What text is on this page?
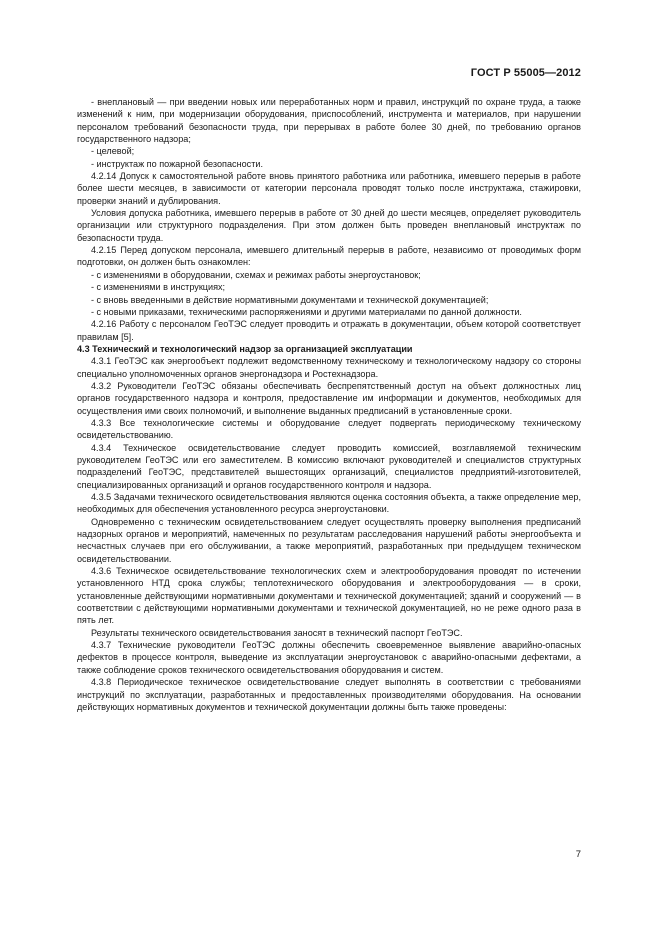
ГОСТ Р 55005—2012

- внеплановый — при введении новых или переработанных норм и правил, инструкций по охране труда, а также изменений к ним, при модернизации оборудования, приспособлений, инструмента и материалов, при нарушении персоналом требований безопасности труда, при перерывах в работе более 30 дней, по требованию органов государственного надзора;

- целевой;

- инструктаж по пожарной безопасности.

4.2.14 Допуск к самостоятельной работе вновь принятого работника или работника, имевшего перерыв в работе более шести месяцев, в зависимости от категории персонала проводят только после инструктажа, стажировки, проверки знаний и дублирования.

Условия допуска работника, имевшего перерыв в работе от 30 дней до шести месяцев, определяет руководитель организации или структурного подразделения. При этом должен быть проведен внеплановый инструктаж по безопасности труда.

4.2.15 Перед допуском персонала, имевшего длительный перерыв в работе, независимо от проводимых форм подготовки, он должен быть ознакомлен:

- с изменениями в оборудовании, схемах и режимах работы энергоустановок;

- с изменениями в инструкциях;

- с вновь введенными в действие нормативными документами и технической документацией;

- с новыми приказами, техническими распоряжениями и другими материалами по данной должности.

4.2.16 Работу с персоналом ГеоТЭС следует проводить и отражать в документации, объем которой соответствует правилам [5].

4.3 Технический и технологический надзор за организацией эксплуатации

4.3.1 ГеоТЭС как энергообъект подлежит ведомственному техническому и технологическому надзору со стороны специально уполномоченных органов энергонадзора и Ростехнадзора.

4.3.2 Руководители ГеоТЭС обязаны обеспечивать беспрепятственный доступ на объект должностных лиц органов государственного надзора и контроля, предоставление им информации и документов, необходимых для осуществления ими своих полномочий, и выполнение выданных предписаний в установленные сроки.

4.3.3 Все технологические системы и оборудование следует подвергать периодическому техническому освидетельствованию.

4.3.4 Техническое освидетельствование следует проводить комиссией, возглавляемой техническим руководителем ГеоТЭС или его заместителем. В комиссию включают руководителей и специалистов структурных подразделений ГеоТЭС, представителей вышестоящих организаций, специалистов предприятий-изготовителей, специализированных организаций и органов государственного контроля и надзора.

4.3.5 Задачами технического освидетельствования являются оценка состояния объекта, а также определение мер, необходимых для обеспечения установленного ресурса энергоустановки.

Одновременно с техническим освидетельствованием следует осуществлять проверку выполнения предписаний надзорных органов и мероприятий, намеченных по результатам расследования нарушений работы энергообъекта и несчастных случаев при его обслуживании, а также мероприятий, разработанных при предыдущем техническом освидетельствовании.

4.3.6 Техническое освидетельствование технологических схем и электрооборудования проводят по истечении установленного НТД срока службы; теплотехнического оборудования и электрооборудования — в сроки, установленные действующими нормативными документами и технической документацией; зданий и сооружений — в соответствии с действующими нормативными документами и технической документацией, но не реже одного раза в пять лет.

Результаты технического освидетельствования заносят в технический паспорт ГеоТЭС.

4.3.7 Технические руководители ГеоТЭС должны обеспечить своевременное выявление аварийно-опасных дефектов в процессе контроля, выведение из эксплуатации энергоустановок с аварийно-опасными дефектами, а также соблюдение сроков технического освидетельствования оборудования и систем.

4.3.8 Периодическое техническое освидетельствование следует выполнять в соответствии с требованиями инструкций по эксплуатации, разработанных и предоставленных производителями оборудования. На основании действующих нормативных документов и технической документации должны быть также проведены:

7
